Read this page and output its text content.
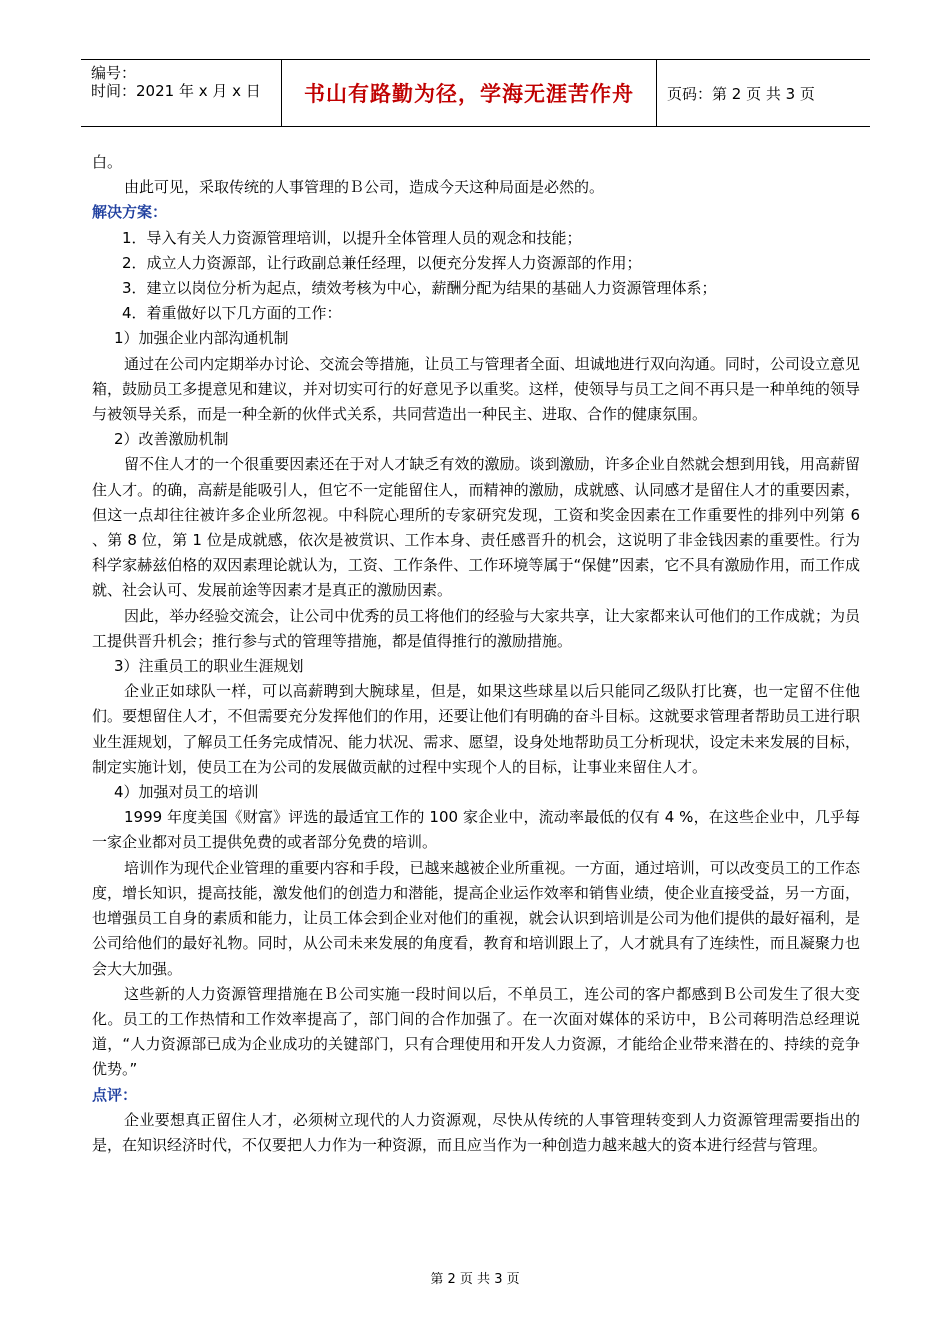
编号：
时间：2021 年 x 月 x 日	书山有路勤为径，学海无涯苦作舟	页码：第 2 页 共 3 页

白。

由此可见，采取传统的人事管理的Ｂ公司，造成今天这种局面是必然的。

解决方案：

1．导入有关人力资源管理培训，以提升全体管理人员的观念和技能；

2．成立人力资源部，让行政副总兼任经理，以便充分发挥人力资源部的作用；

3．建立以岗位分析为起点，绩效考核为中心，薪酬分配为结果的基础人力资源管理体系；

4．着重做好以下几方面的工作：

1）加强企业内部沟通机制

通过在公司内定期举办讨论、交流会等措施，让员工与管理者全面、坦诚地进行双向沟通。同时，公司设立意见箱，鼓励员工多提意见和建议，并对切实可行的好意见予以重奖。这样，使领导与员工之间不再只是一种单纯的领导与被领导关系，而是一种全新的伙伴式关系，共同营造出一种民主、进取、合作的健康氛围。

2）改善激励机制

留不住人才的一个很重要因素还在于对人才缺乏有效的激励。谈到激励，许多企业自然就会想到用钱，用高薪留住人才。的确，高薪是能吸引人，但它不一定能留住人，而精神的激励，成就感、认同感才是留住人才的重要因素，但这一点却往往被许多企业所忽视。中科院心理所的专家研究发现，工资和奖金因素在工作重要性的排列中列第 6 、第 8 位，第 1 位是成就感，依次是被赏识、工作本身、责任感晋升的机会，这说明了非金钱因素的重要性。行为科学家赫兹伯格的双因素理论就认为，工资、工作条件、工作环境等属于“保健”因素，它不具有激励作用，而工作成就、社会认可、发展前途等因素才是真正的激励因素。

因此，举办经验交流会，让公司中优秀的员工将他们的经验与大家共享，让大家都来认可他们的工作成就；为员工提供晋升机会；推行参与式的管理等措施，都是值得推行的激励措施。

3）注重员工的职业生涯规划

企业正如球队一样，可以高薪聘到大腕球星，但是，如果这些球星以后只能同乙级队打比赛，也一定留不住他们。要想留住人才，不但需要充分发挥他们的作用，还要让他们有明确的奋斗目标。这就要求管理者帮助员工进行职业生涯规划，了解员工任务完成情况、能力状况、需求、愿望，设身处地帮助员工分析现状，设定未来发展的目标，制定实施计划，使员工在为公司的发展做贡献的过程中实现个人的目标，让事业来留住人才。

4）加强对员工的培训

1999 年度美国《财富》评选的最适宜工作的 100 家企业中，流动率最低的仅有 4 %，在这些企业中，几乎每一家企业都对员工提供免费的或者部分免费的培训。

培训作为现代企业管理的重要内容和手段，已越来越被企业所重视。一方面，通过培训，可以改变员工的工作态度，增长知识，提高技能，激发他们的创造力和潜能，提高企业运作效率和销售业绩，使企业直接受益，另一方面，也增强员工自身的素质和能力，让员工体会到企业对他们的重视，就会认识到培训是公司为他们提供的最好福利，是公司给他们的最好礼物。同时，从公司未来发展的角度看，教育和培训跟上了，人才就具有了连续性，而且凝聚力也会大大加强。

这些新的人力资源管理措施在Ｂ公司实施一段时间以后，不单员工，连公司的客户都感到Ｂ公司发生了很大变化。员工的工作热情和工作效率提高了，部门间的合作加强了。在一次面对媒体的采访中，Ｂ公司蒋明浩总经理说道，“人力资源部已成为企业成功的关键部门，只有合理使用和开发人力资源，才能给企业带来潜在的、持续的竞争优势。”

点评：

企业要想真正留住人才，必须树立现代的人力资源观，尽快从传统的人事管理转变到人力资源管理需要指出的是，在知识经济时代，不仅要把人力作为一种资源，而且应当作为一种创造力越来越大的资本进行经营与管理。

第 2 页 共 3 页
